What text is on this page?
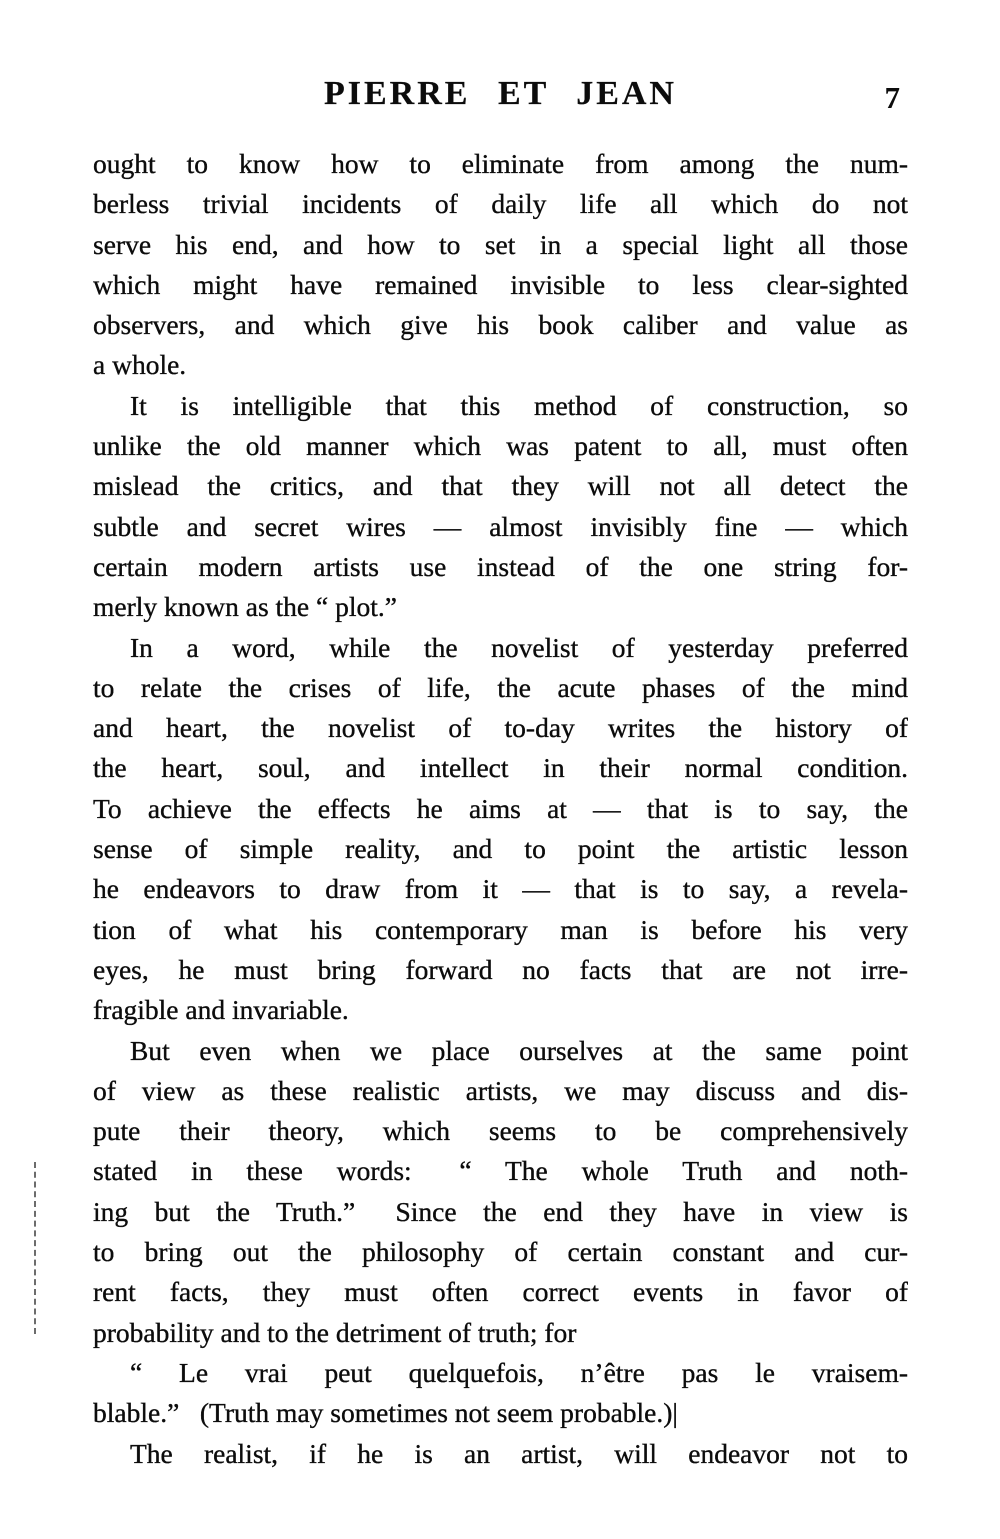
PIERRE ET JEAN	7
ought to know how to eliminate from among the num-
berless trivial incidents of daily life all which do not
serve his end, and how to set in a special light all those
which might have remained invisible to less clear-sighted
observers, and which give his book caliber and value as
a whole.
It is intelligible that this method of construction, so
unlike the old manner which was patent to all, must often
mislead the critics, and that they will not all detect the
subtle and secret wires — almost invisibly fine — which
certain modern artists use instead of the one string for-
merly known as the “ plot.”
In a word, while the novelist of yesterday preferred
to relate the crises of life, the acute phases of the mind
and heart, the novelist of to-day writes the history of
the heart, soul, and intellect in their normal condition.
To achieve the effects he aims at — that is to say, the
sense of simple reality, and to point the artistic lesson
he endeavors to draw from it — that is to say, a revela-
tion of what his contemporary man is before his very
eyes, he must bring forward no facts that are not irre-
fragible and invariable.
But even when we place ourselves at the same point
of view as these realistic artists, we may discuss and dis-
pute their theory, which seems to be comprehensively
stated in these words:  “ The whole Truth and noth-
ing but the Truth.”  Since the end they have in view is
to bring out the philosophy of certain constant and cur-
rent facts, they must often correct events in favor of
probability and to the detriment of truth; for
“ Le vrai peut quelquefois, n’être pas le vraisem-
blable.”  (Truth may sometimes not seem probable.)|
The realist, if he is an artist, will endeavor not to
